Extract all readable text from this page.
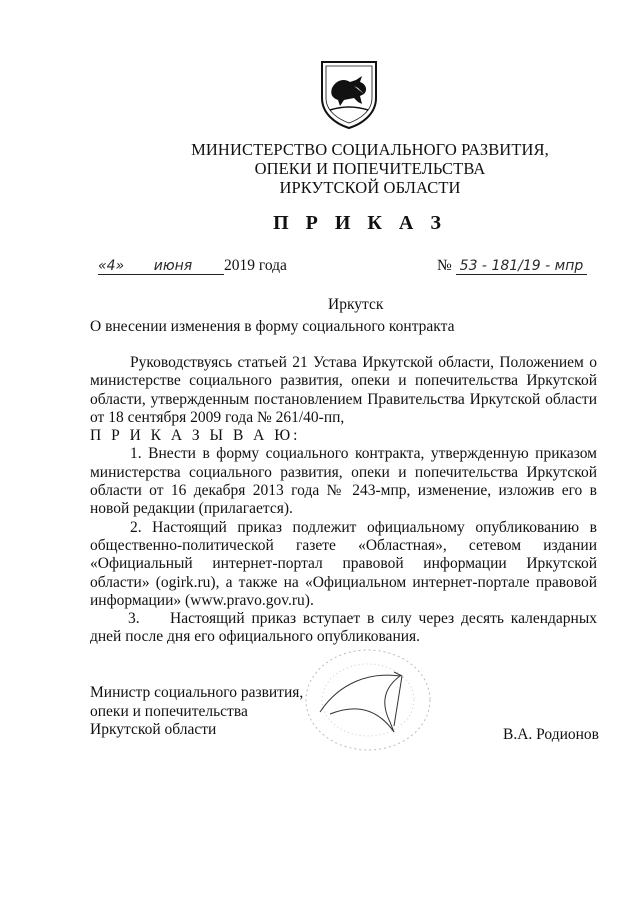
МИНИСТЕРСТВО СОЦИАЛЬНОГО РАЗВИТИЯ,
ОПЕКИ И ПОПЕЧИТЕЛЬСТВА
ИРКУТСКОЙ ОБЛАСТИ
П Р И К А З
«4» июня 2019 года	№ 53 - 181/19 - мпр
Иркутск
О внесении изменения в форму социального контракта

Руководствуясь статьей 21 Устава Иркутской области, Положением о министерстве социального развития, опеки и попечительства Иркутской области, утвержденным постановлением Правительства Иркутской области от 18 сентября 2009 года № 261/40-пп,

П Р И К А З Ы В А Ю:

1. Внести в форму социального контракта, утвержденную приказом министерства социального развития, опеки и попечительства Иркутской области от 16 декабря 2013 года № 243-мпр, изменение, изложив его в новой редакции (прилагается).

2. Настоящий приказ подлежит официальному опубликованию в общественно-политической газете «Областная», сетевом издании «Официальный интернет-портал правовой информации Иркутской области» (ogirk.ru), а также на «Официальном интернет-портале правовой информации» (www.pravo.gov.ru).

3. Настоящий приказ вступает в силу через десять календарных дней после дня его официального опубликования.

Министр социального развития,
опеки и попечительства
Иркутской области	В.А. Родионов
